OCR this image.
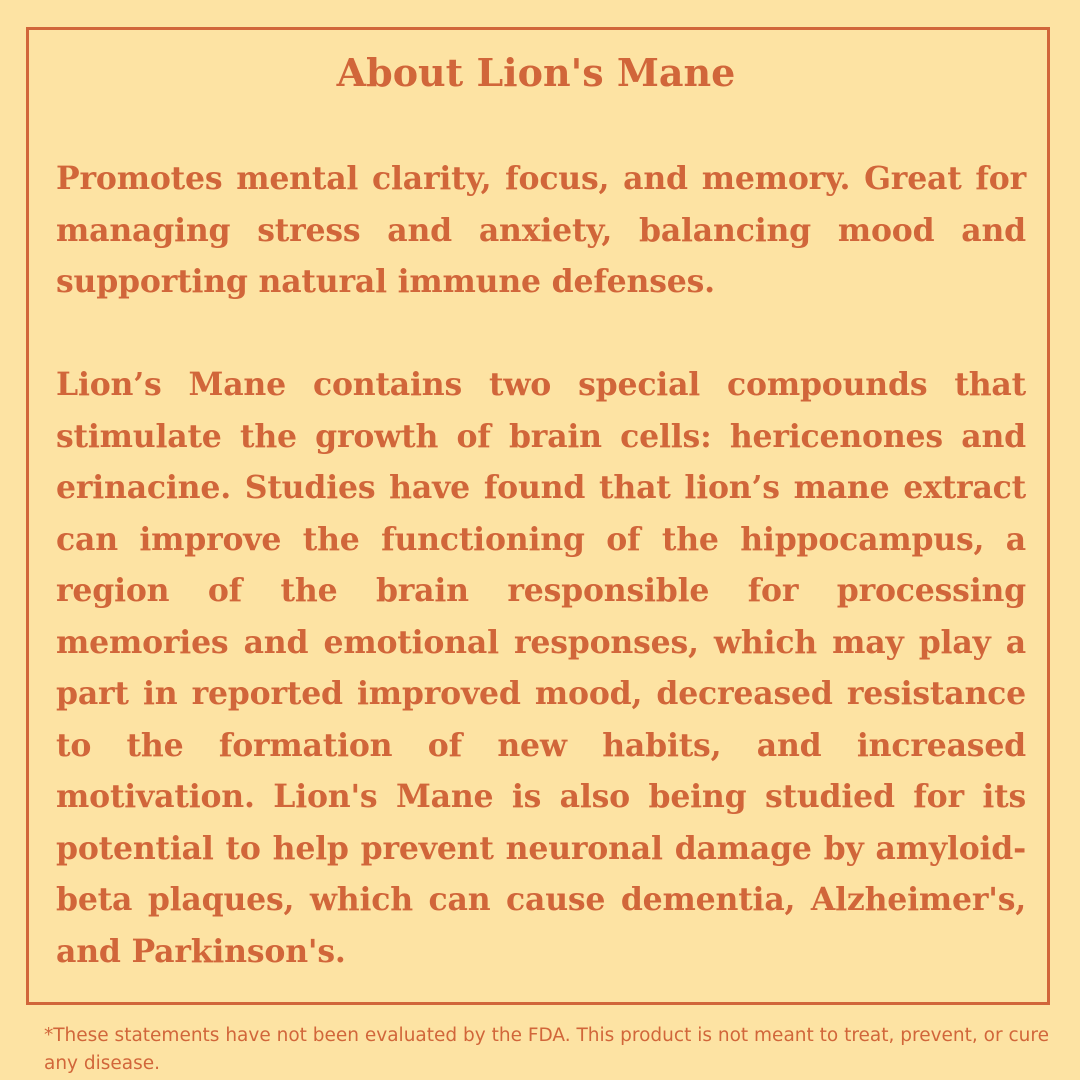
About Lion's Mane

Promotes mental clarity, focus, and memory. Great for managing stress and anxiety, balancing mood and supporting natural immune defenses.

Lion’s Mane contains two special compounds that stimulate the growth of brain cells: hericenones and erinacine. Studies have found that lion’s mane extract can improve the functioning of the hippocampus, a region of the brain responsible for processing memories and emotional responses, which may play a part in reported improved mood, decreased resistance to the formation of new habits, and increased motivation. Lion's Mane is also being studied for its potential to help prevent neuronal damage by amyloid-beta plaques, which can cause dementia, Alzheimer's, and Parkinson's.

*These statements have not been evaluated by the FDA. This product is not meant to treat, prevent, or cure any disease.
